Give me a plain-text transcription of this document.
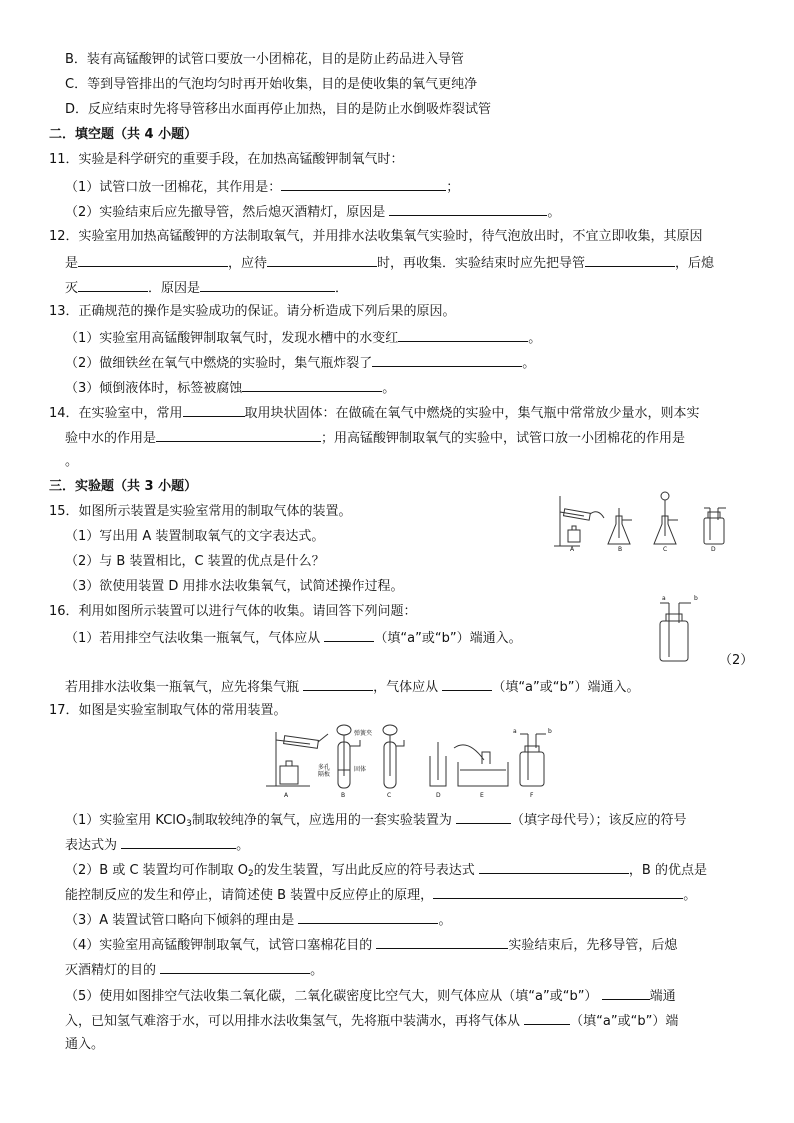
B．装有高锰酸钾的试管口要放一小团棉花，目的是防止药品进入导管
C．等到导管排出的气泡均匀时再开始收集，目的是使收集的氧气更纯净
D．反应结束时先将导管移出水面再停止加热，目的是防止水倒吸炸裂试管
二．填空题（共 4 小题）
11．实验是科学研究的重要手段，在加热高锰酸钾制氧气时：
（1）试管口放一团棉花，其作用是：	；
（2）实验结束后应先撤导管，然后熄灭酒精灯，原因是	。
12．实验室用加热高锰酸钾的方法制取氧气，并用排水法收集氧气实验时，待气泡放出时，不宜立即收集，其原因
是	，应待	时，再收集．实验结束时应先把导管	，后熄
灭	．原因是	．
13．正确规范的操作是实验成功的保证。请分析造成下列后果的原因。
（1）实验室用高锰酸钾制取氧气时，发现水槽中的水变红	。
（2）做细铁丝在氧气中燃烧的实验时，集气瓶炸裂了	。
（3）倾倒液体时，标签被腐蚀	。
14．在实验室中，常用	取用块状固体：在做硫在氧气中燃烧的实验中，集气瓶中常常放少量水，则本实
验中水的作用是	；用高锰酸钾制取氧气的实验中，试管口放一小团棉花的作用是
。
三．实验题（共 3 小题）
15．如图所示装置是实验室常用的制取气体的装置。
（1）写出用 A 装置制取氧气的文字表达式。
（2）与 B 装置相比，C 装置的优点是什么？
（3）欲使用装置 D 用排水法收集氧气，试简述操作过程。
A	B	C	D
16．利用如图所示装置可以进行气体的收集。请回答下列问题：
（1）若用排空气法收集一瓶氧气，气体应从	（填“a”或“b”）端通入。
a	b
（2）
若用排水法收集一瓶氧气，应先将集气瓶	，气体应从	（填“a”或“b”）端通入。
17．如图是实验室制取气体的常用装置。
A	B	C	D	E	F
弹簧夹
多孔
隔板
固体
a	b
（1）实验室用 KClO$_3$制取较纯净的氧气，应选用的一套实验装置为	（填字母代号）；该反应的符号
表达式为	。
（2）B 或 C 装置均可作制取 $O_2$的发生装置，写出此反应的符号表达式	，B 的优点是
能控制反应的发生和停止，请简述使 B 装置中反应停止的原理，	。
（3）A 装置试管口略向下倾斜的理由是	。
（4）实验室用高锰酸钾制取氧气，试管口塞棉花目的	实验结束后，先移导管，后熄
灭酒精灯的目的	。
（5）使用如图排空气法收集二氧化碳，二氧化碳密度比空气大，则气体应从（填“a”或“b”）	端通
入，已知氢气难溶于水，可以用排水法收集氢气，先将瓶中装满水，再将气体从	（填“a”或“b”）端
通入。
